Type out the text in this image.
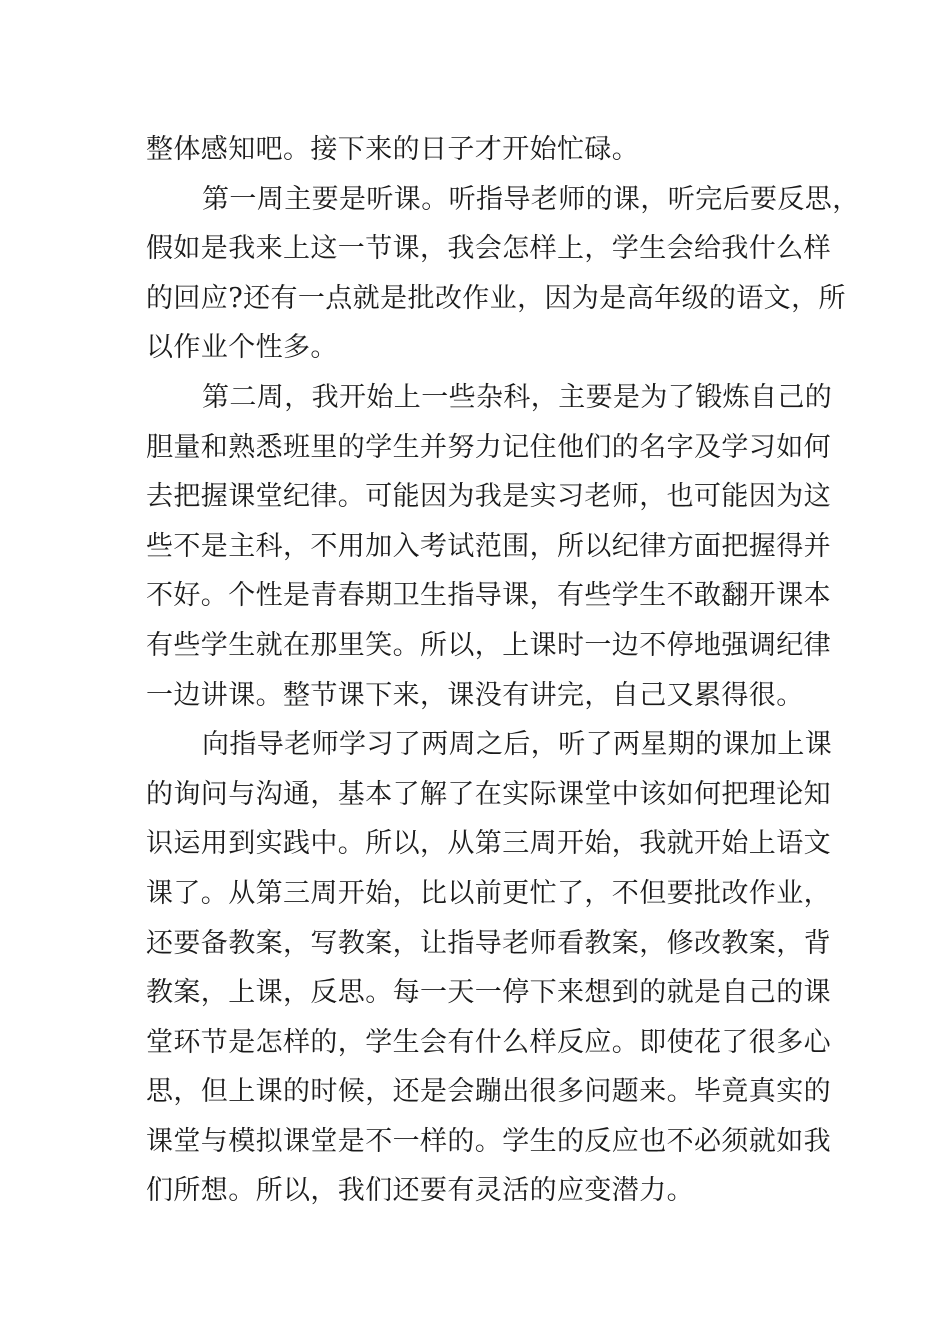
整体感知吧。接下来的日子才开始忙碌。
第一周主要是听课。听指导老师的课，听完后要反思，
假如是我来上这一节课，我会怎样上，学生会给我什么样
的回应?还有一点就是批改作业，因为是高年级的语文，所
以作业个性多。
第二周，我开始上一些杂科，主要是为了锻炼自己的
胆量和熟悉班里的学生并努力记住他们的名字及学习如何
去把握课堂纪律。可能因为我是实习老师，也可能因为这
些不是主科，不用加入考试范围，所以纪律方面把握得并
不好。个性是青春期卫生指导课，有些学生不敢翻开课本
有些学生就在那里笑。所以，上课时一边不停地强调纪律
一边讲课。整节课下来，课没有讲完，自己又累得很。
向指导老师学习了两周之后，听了两星期的课加上课
的询问与沟通，基本了解了在实际课堂中该如何把理论知
识运用到实践中。所以，从第三周开始，我就开始上语文
课了。从第三周开始，比以前更忙了，不但要批改作业，
还要备教案，写教案，让指导老师看教案，修改教案，背
教案，上课，反思。每一天一停下来想到的就是自己的课
堂环节是怎样的，学生会有什么样反应。即使花了很多心
思，但上课的时候，还是会蹦出很多问题来。毕竟真实的
课堂与模拟课堂是不一样的。学生的反应也不必须就如我
们所想。所以，我们还要有灵活的应变潜力。
